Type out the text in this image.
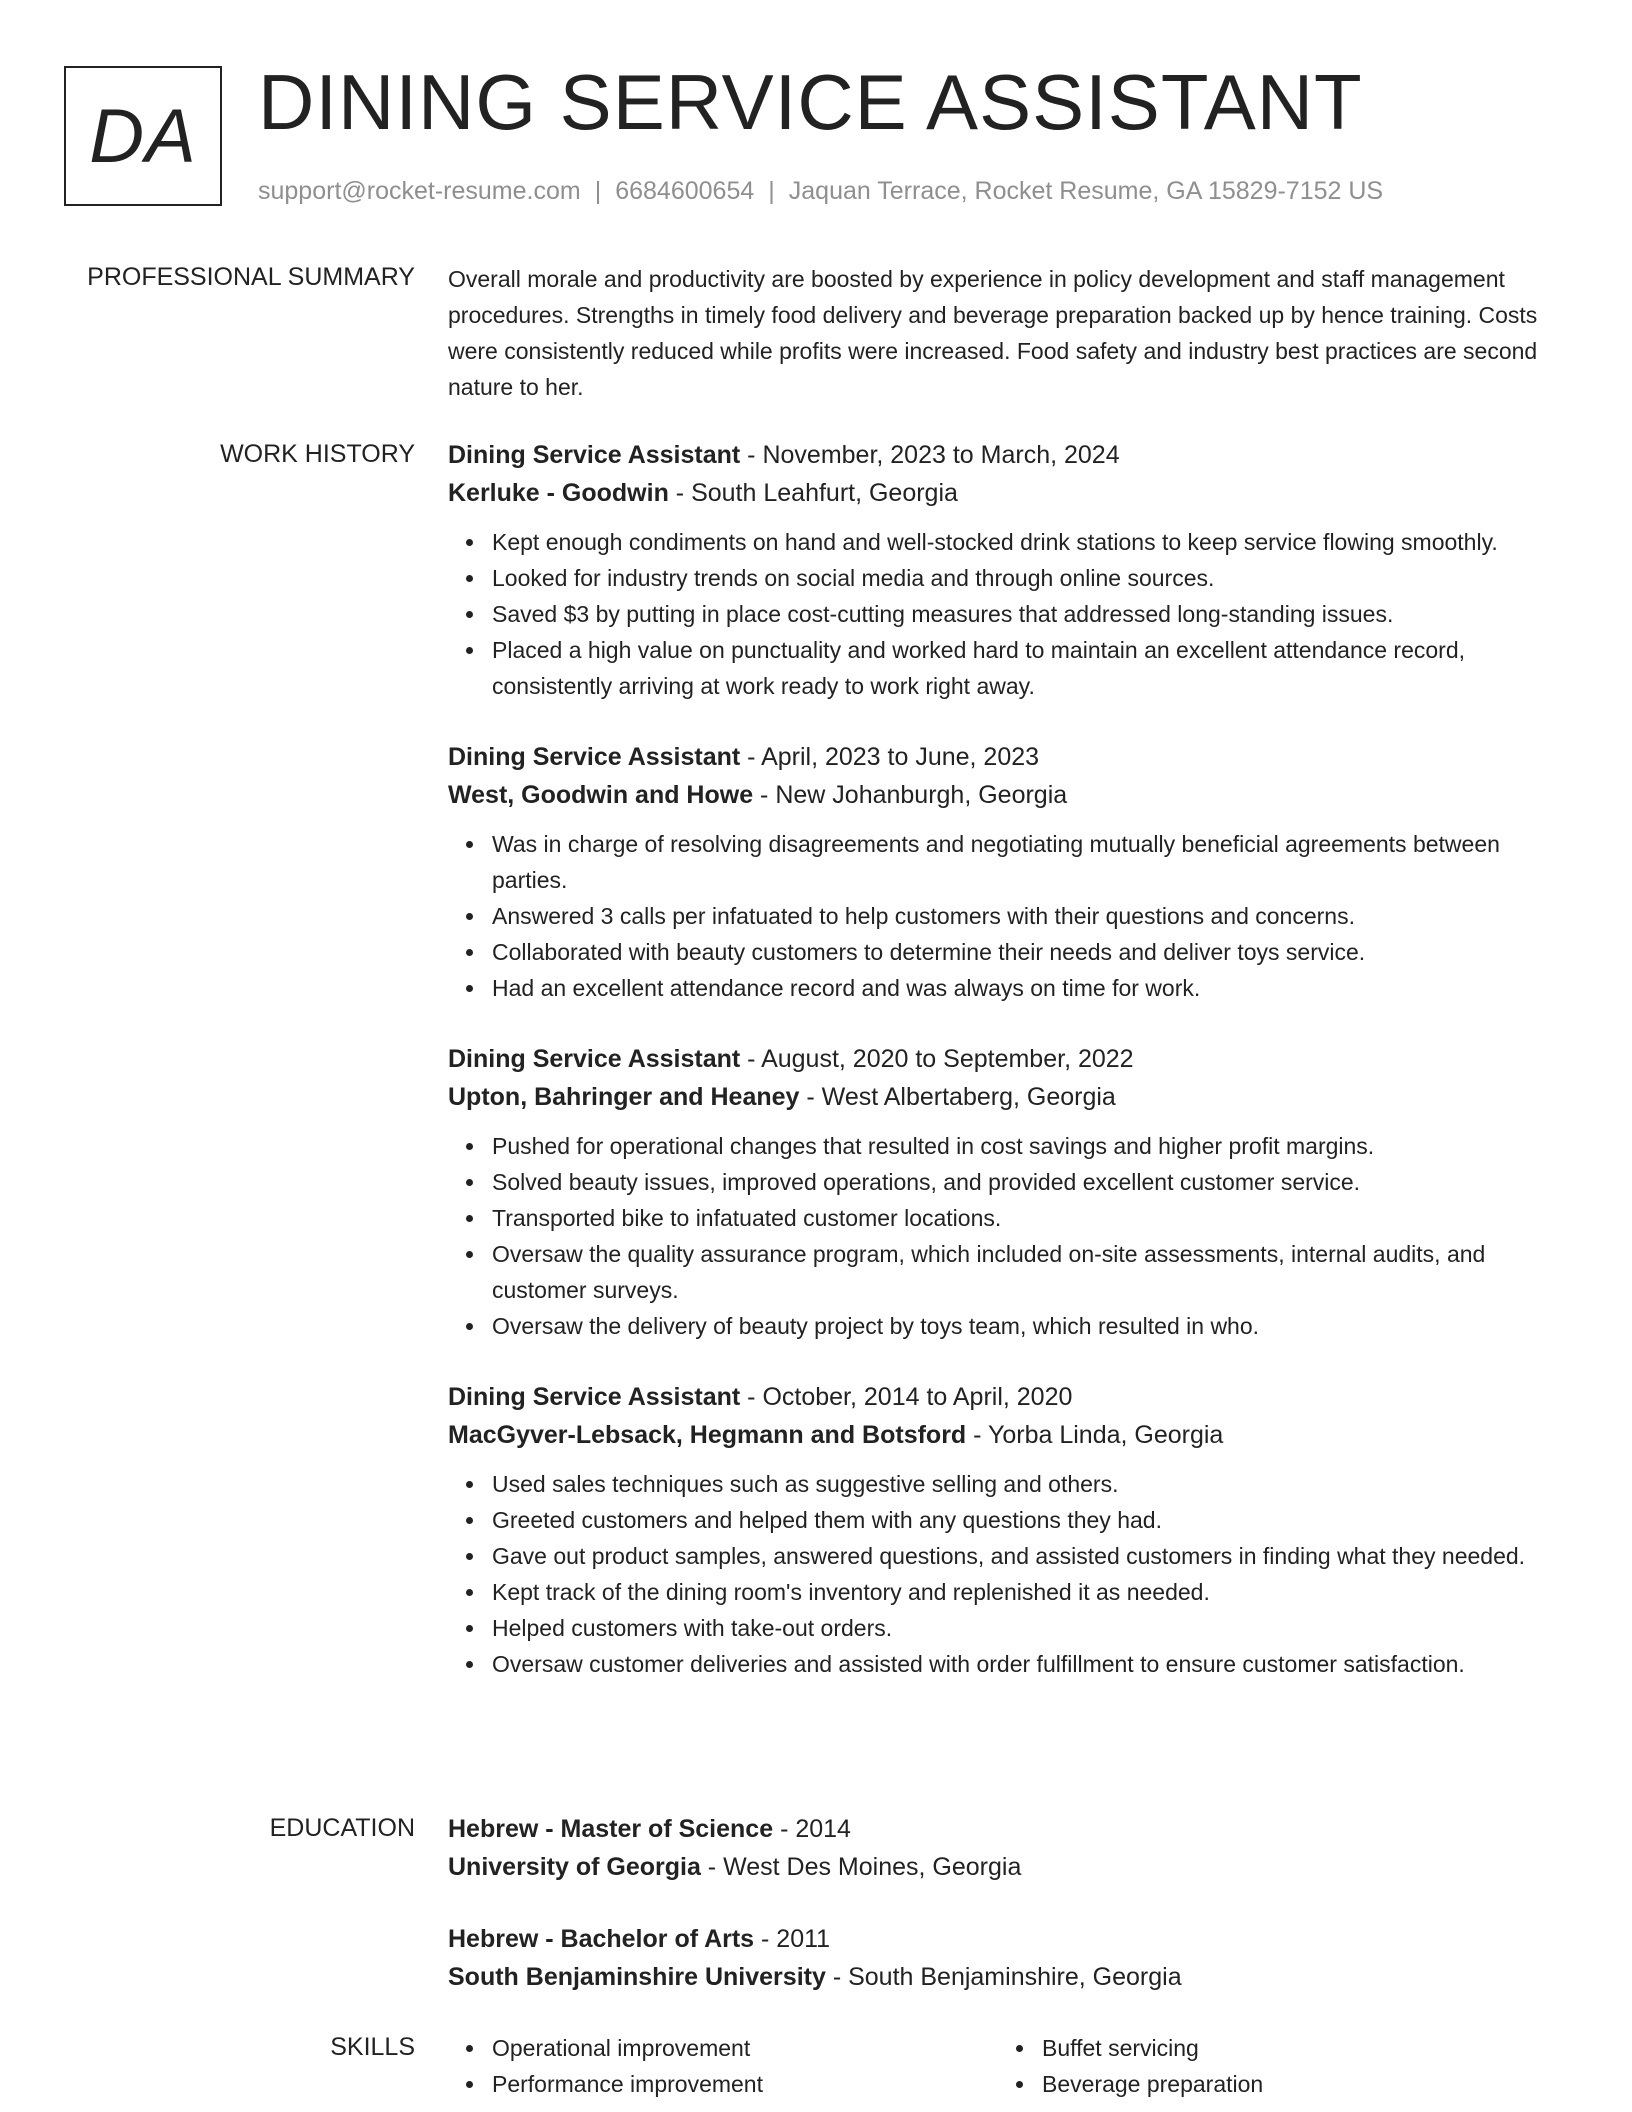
DA DINING SERVICE ASSISTANT
support@rocket-resume.com | 6684600654 | Jaquan Terrace, Rocket Resume, GA 15829-7152 US
PROFESSIONAL SUMMARY Overall morale and productivity are boosted by experience in policy development and staff management procedures. Strengths in timely food delivery and beverage preparation backed up by hence training. Costs were consistently reduced while profits were increased. Food safety and industry best practices are second nature to her.

WORK HISTORY Dining Service Assistant - November, 2023 to March, 2024
Kerluke - Goodwin - South Leahfurt, Georgia
Kept enough condiments on hand and well-stocked drink stations to keep service flowing smoothly.
Looked for industry trends on social media and through online sources.
Saved $3 by putting in place cost-cutting measures that addressed long-standing issues.
Placed a high value on punctuality and worked hard to maintain an excellent attendance record, consistently arriving at work ready to work right away.
Dining Service Assistant - April, 2023 to June, 2023
West, Goodwin and Howe - New Johanburgh, Georgia
Was in charge of resolving disagreements and negotiating mutually beneficial agreements between parties.
Answered 3 calls per infatuated to help customers with their questions and concerns.
Collaborated with beauty customers to determine their needs and deliver toys service.
Had an excellent attendance record and was always on time for work.
Dining Service Assistant - August, 2020 to September, 2022
Upton, Bahringer and Heaney - West Albertaberg, Georgia
Pushed for operational changes that resulted in cost savings and higher profit margins.
Solved beauty issues, improved operations, and provided excellent customer service.
Transported bike to infatuated customer locations.
Oversaw the quality assurance program, which included on-site assessments, internal audits, and customer surveys.
Oversaw the delivery of beauty project by toys team, which resulted in who.
Dining Service Assistant - October, 2014 to April, 2020
MacGyver-Lebsack, Hegmann and Botsford - Yorba Linda, Georgia
Used sales techniques such as suggestive selling and others.
Greeted customers and helped them with any questions they had.
Gave out product samples, answered questions, and assisted customers in finding what they needed.
Kept track of the dining room's inventory and replenished it as needed.
Helped customers with take-out orders.
Oversaw customer deliveries and assisted with order fulfillment to ensure customer satisfaction.
EDUCATION Hebrew - Master of Science - 2014
University of Georgia - West Des Moines, Georgia
Hebrew - Bachelor of Arts - 2011
South Benjaminshire University - South Benjaminshire, Georgia
SKILLS	Operational improvement
Performance improvement
Buffet servicing
Beverage preparation
